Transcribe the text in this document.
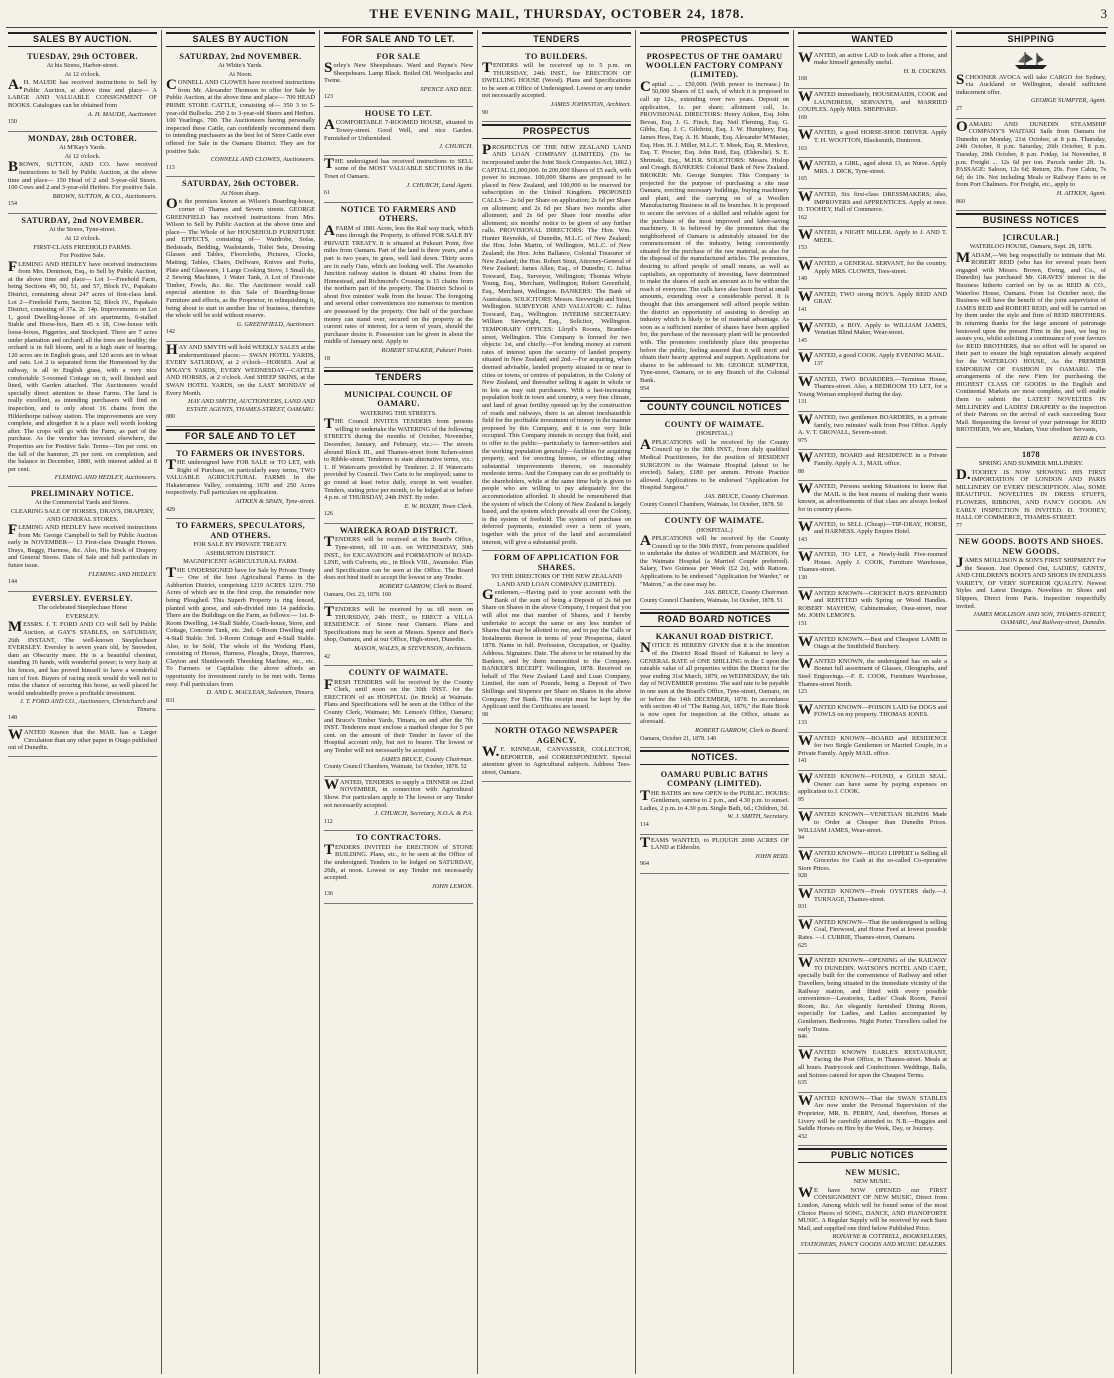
THE EVENING MAIL, THURSDAY, OCTOBER 24, 1878.	3
SALES BY AUCTION.

TUESDAY, 29th OCTOBER.

At his Stores, Harbor-street.

At 12 o'clock.

A.H. MAUDE has received instructions to Sell by Public Auction, at above time and place— A LARGE AND VALUABLE CONSIGNMENT OF BOOKS. Catalogues can be obtained from

A. H. MAUDE, Auctioneer.

150

MONDAY, 28th OCTOBER.

At M'Kay's Yards.

At 12 o'clock.

BROWN, SUTTON, AND CO. have received instructions to Sell by Public Auction, at the above time and place— 150 Head of 2 and 3-year-old Steers. 100 Cows and 2 and 3-year-old Heifers. For positive Sale.

BROWN, SUTTON, & CO., Auctioneers.

154

SATURDAY, 2nd NOVEMBER.

At the Stores, Tyne-street.

At 12 o'clock.

FIRST-CLASS FREEHOLD FARMS.

For Positive Sale.

FLEMING AND HEDLEY have received instructions from Mrs. Dennison, Esq., to Sell by Public Auction, at the above time and place— Lot 1—Freehold Farm, being Sections 49, 50, 51, and 57, Block IV., Papakaio District, containing about 247 acres of first-class land. Lot 2—Freehold Farm, Section 52, Block IV., Papakaio District, consisting of 37a. 2r. 14p. Improvements on Lot 1, good Dwelling-house of six apartments, 6-stalled Stable and Horse-box, Barn 45 x 18, Cow-house with loose-boxes, Piggeries, and Stockyard. There are 7 acres under plantation and orchard; all the trees are healthy; the orchard is in full bloom, and in a high state of bearing. 120 acres are in English grass, and 120 acres are in wheat and oats. Lot 2 is separated from the Homestead by the railway, is all in English grass, with a very nice comfortable 3-roomed Cottage on it, well finished and lined, with Garden attached. The Auctioneers would specially direct attention to these Farms. The land is really excellent, as intending purchasers will find on inspection, and is only about 16 chains from the Hilderthorpe railway station. The improvements are very complete, and altogether it is a place well worth looking after. The crops will go with the Farm, as part of the purchase. As the vendor has invested elsewhere, the Properties are for Positive Sale. Terms—Ten per cent. on the fall of the hammer, 25 per cent. on completion, and the balance in December, 1880, with interest added at 8 per cent.

FLEMING AND HEDLEY, Auctioneers.

PRELIMINARY NOTICE.

At the Commercial Yards and Stores.

CLEARING SALE OF HORSES, DRAYS, DRAPERY, AND GENERAL STORES.

FLEMING AND HEDLEY have received instructions from Mr. George Campbell to Sell by Public Auction early in NOVEMBER— 13 First-class Draught Horses. Drays, Buggy, Harness, &c. Also, His Stock of Drapery and General Stores. Date of Sale and full particulars in future issue.

FLEMING AND HEDLEY.

144

EVERSLEY. EVERSLEY.

The celebrated Steeplechase Horse

EVERSLEY.

MESSRS. J. T. FORD AND CO will Sell by Public Auction, at GAY'S STABLES, on SATURDAY, 26th INSTANT, The well-known Steeplechaser EVERSLEY. Eversley is seven years old, by Snowden, dam an Obscurity mare. He is a beautiful chestnut, standing 16 hands, with wonderful power; is very lusty at his fences, and has proved himself to have a wonderful turn of foot. Buyers of racing stock would do well not to miss the chance of securing this horse, as well placed he would undoubtedly prove a profitable investment.

J. T. FORD AND CO., Auctioneers, Christchurch and Timaru.

148

WANTED Known that the MAIL has a Larger Circulation than any other paper in Otago published out of Dunedin.

SALES BY AUCTION

SATURDAY, 2nd NOVEMBER.

At White's Yards.

At Noon.

CONNELL AND CLOWES have received instructions from Mr. Alexander Thomson to offer for Sale by Public Auction, at the above time and place— 700 HEAD PRIME STORE CATTLE, consisting of— 350 3 to 5-year-old Bullocks. 250 2 to 3-year-old Steers and Heifers. 100 Yearlings. 700. The Auctioneers having personally inspected these Cattle, can confidently recommend them to intending purchasers as the best lot of Store Cattle ever offered for Sale in the Oamaru District. They are for positive Sale.

CONNELL AND CLOWES, Auctioneers.

113

SATURDAY, 26th OCTOBER.

At Noon sharp.

On the premises known as Wilson's Boarding-house, corner of Thames and Severn streets. GEORGE GREENFIELD has received instructions from Mrs. Wilson to Sell by Public Auction at the above time and place— The Whole of her HOUSEHOLD FURNITURE and EFFECTS, consisting of— Wardrobe, Sofas, Bedsteads, Bedding, Washstands, Toilet Sets, Dressing Glasses and Tables, Floorcloths, Pictures, Clocks, Matting, Tables, Chairs, Delfware, Knives and Forks, Plate and Glassware, 1 Large Cooking Stove, 1 Small do, 2 Sewing Machines, 1 Water Tank, A Lot of First-rate Timber, Fowls, &c. &c. The Auctioneer would call especial attention to this Sale of Boarding-house Furniture and effects, as the Proprietor, in relinquishing it, being about to start in another line of business, therefore the whole will be sold without reserve.

G. GREENFIELD, Auctioneer.

142

HAY AND SMYTH will hold WEEKLY SALES at the undermentioned places:— SWAN HOTEL YARDS, EVERY SATURDAY, at 2 o'clock—HORSES. And at M'KAY'S YARDS, EVERY WEDNESDAY—CATTLE AND HORSES, at 2 o'clock. And SHEEP SKINS, at the SWAN HOTEL YARDS, on the LAST MONDAY of Every Month.

HAY AND SMYTH, AUCTIONEERS, LAND AND ESTATE AGENTS, THAMES-STREET, OAMARU.

880

FOR SALE AND TO LET

TO FARMERS OR INVESTORS.

THE undersigned have FOR SALE or TO LET, with Right of Purchase, on particularly easy terms, TWO VALUABLE AGRICULTURAL FARMS In the Hakateramea Valley, containing 1678 and 250 Acres respectively. Full particulars on application.

AITKEN & SPAIN, Tyne-street.

429

TO FARMERS, SPECULATORS, AND OTHERS.

FOR SALE BY PRIVATE TREATY.

ASHBURTON DISTRICT.

MAGNIFICENT AGRICULTURAL FARM.

THE UNDERSIGNED have for Sale by Private Treaty— One of the best Agricultural Farms in the Ashburton District, comprising 1219 ACRES 1219. 750 Acres of which are in the first crop, the remainder now being Ploughed. This Superb Property is ring fenced, planted with gorse, and sub-divided into 14 paddocks. There are the Buildings on the Farm, as follows:— 1st. 8-Room Dwelling, 14-Stall Stable, Coach-house, Store, and Cottage, Concrete Tank, etc. 2nd. 6-Room Dwelling and 4-Stall Stable. 3rd. 3-Room Cottage and 4-Stall Stable. Also, to be Sold, The whole of the Working Plant, consisting of Horses, Harness, Ploughs, Drays, Harrows, Clayton and Shuttleworth Threshing Machine, etc., etc. To Farmers or Capitalists the above affords an opportunity for investment rarely to be met with. Terms easy. Full particulars from

D. AND L. MACLEAN, Salesmen, Timaru.

831

FOR SALE AND TO LET.

FOR SALE

Sorley's New Sheepshears. Ward and Payne's New Sheepshears. Lamp Black. Boiled Oil. Woolpacks and Twine.

SPENCE AND BEE.

123

HOUSE TO LET.

ACOMFORTABLE 7-ROOMED HOUSE, situated in Towey-street. Good Well, and nice Garden. Furnished or Unfurnished.

J. CHURCH.

THE undersigned has received instructions to SELL some of the MOST VALUABLE SECTIONS in the Town of Oamaru.

J. CHURCH, Land Agent.

61

NOTICE TO FARMERS AND OTHERS.

AFARM of 1881 Acres, less the Rail way track, which runs through the Property, is offered FOR SALE BY PRIVATE TREATY. It is situated at Pukeuri Point, five miles from Oamaru. Part of the land is three years, and a part is two years, in grass, well laid down. Thirty acres are in early Oats, which are looking well. The Awamoko Junction railway station is distant 40 chains from the Homestead, and Richmond's Crossing is 15 chains from the northern part of the property. The District School is about five minutes' walk from the house. The foregoing and several other conveniences too numerous to mention are possessed by the property. One half of the purchase money can stand over, secured on the property at the current rates of interest, for a term of years, should the purchaser desire it. Possession can be given in about the middle of January next. Apply to

ROBERT STALKER, Pukeuri Point.

18

TENDERS

MUNICIPAL COUNCIL OF OAMARU.

WATERING THE STREETS.

THE Council INVITES TENDERS from persons willing to undertake the WATERING of the following STREETS during the months of October, November, December, January, and February, viz.:— The streets abound Block III., and Thames-street from Itchen-street to Ribble-street. Tenderers to state alternative terms, viz.: 1. If Watercarts provided by Tenderer. 2. If Watercarts provided by Council. Two Carts to be employed; same to go round at least twice daily, except in wet weather. Tenders, stating price per month, to be lodged at or before 4 p.m. of THURSDAY, 24th INST. By order.

E. W. ROXBY, Town Clerk.

126

WAIREKA ROAD DISTRICT.

TENDERS will be received at the Board's Office, Tyne-street, till 10 a.m. on WEDNESDAY, 30th INST., for EXCAVATION and FORMATION of ROAD-LINE, with Culverts, etc., in Block VIII., Awamoko. Plan and Specification can be seen at the Office. The Board does not bind itself to accept the lowest or any Tender.

ROBERT GARROW, Clerk to Board.

Oamaru, Oct. 23, 1878. 160

TENDERS will be received by us till noon on THURSDAY, 24th INST., to ERECT a VILLA RESIDENCE of Stone near Oamaru. Plans and Specifications may be seen at Messrs. Spence and Bee's shop, Oamaru, and at our Office, High-street, Dunedin.

MASON, WALES, & STEVENSON, Architects.

42

COUNTY OF WAIMATE.

FRESH TENDERS will be received by the County Clerk, until noon on the 30th INST. for the ERECTION of an HOSPITAL (in Brick) at Waimate. Plans and Specifications will be seen at the Office of the County Clerk, Waimate; Mr. Lemon's Office, Oamaru; and Bruce's Timber Yards, Timaru, on and after the 7th INST. Tenderers must enclose a marked cheque for 5 per cent. on the amount of their Tender in favor of the Hospital account only, but not to bearer. The lowest or any Tender will not necessarily be accepted.

JAMES BRUCE, County Chairman.

County Council Chambers, Waimate, 1st October, 1878. 52

WANTED, TENDERS to supply a DINNER on 22nd NOVEMBER, in connection with Agricultural Show. For particulars apply to The lowest or any Tender not necessarily accepted.

J. CHURCH, Secretary, N.O.A. & P.A.

112

TO CONTRACTORS.

TENDERS INVITED for ERECTION of STONE BUILDING. Plans, etc., to be seen at the Office of the undersigned. Tenders to be lodged on SATURDAY, 26th, at noon. Lowest or any Tender not necessarily accepted.

JOHN LEMON.

136

TENDERS

TO BUILDERS.

TENDERS will be received up to 5 p.m. on THURSDAY, 24th INST., for ERECTION OF DWELLING HOUSE (Wood). Plans and Specifications to be seen at Office of Undersigned. Lowest or any tender not necessarily accepted.

JAMES JOHNSTON, Architect.

90

PROSPECTUS

PROSPECTUS OF THE NEW ZEALAND LAND AND LOAN COMPANY (LIMITED). (To be incorporated under the Joint Stock Companies Act, 1862.) CAPITAL £1,000,000. In 200,000 Shares of £5 each, with power to increase. 100,000 Shares are proposed to be placed in New Zealand, and 100,000 to be reserved for subscription in the United Kingdom. PROPOSED CALLS— 2s 6d per Share on application; 2s 6d per Share on allotment; and 2s 6d per Share two months after allotment; and 2s 6d per Share four months after allotment; six months' notice to be given of any further calls. PROVISIONAL DIRECTORS: The Hon. Wm. Hunter Reynolds, of Dunedin, M.L.C. of New Zealand; the Hon. John Martin, of Wellington, M.L.C. of New Zealand; the Hon. John Ballance, Colonial Treasurer of New Zealand; the Hon. Robert Stout, Attorney-General of New Zealand; James Allen, Esq., of Dunedin; C. Julius Toxward, Esq., Surveyor, Wellington; Thomas Whyte Young, Esq., Merchant, Wellington; Robert Greenfield, Esq., Merchant, Wellington. BANKERS: The Bank of Australasia. SOLICITORS: Messrs. Sievwright and Stout, Wellington. SURVEYOR AND VALUATOR: C. Julius Toxward, Esq., Wellington. INTERIM SECRETARY: William Sievwright, Esq., Solicitor, Wellington. TEMPORARY OFFICES: Lloyd's Rooms, Brandon-street, Wellington. This Company is formed for two objects: 1st, and chiefly.—For lending money at current rates of interest upon the security of landed property situated in New Zealand; and 2nd.—For acquiring, when deemed advisable, landed property situated in or near to cities or towns, or centres of population, in the Colony of New Zealand, and thereafter selling it again in whole or in lots as may suit purchasers. With a fast-increasing population both in town and country, a very fine climate, and land of great fertility opened up by the construction of roads and railways, there is an almost inexhaustible field for the profitable investment of money in the manner proposed by this Company, and it is one very little occupied. This Company intends to occupy that field, and to offer to the public—particularly to farmer-settlers and the working population generally—facilities for acquiring property, and for erecting homes, or effecting other substantial improvements thereon, on reasonably moderate terms. And the Company can do so profitably to the shareholders, while at the same time help is given to people who are willing to pay adequately for the accommodation afforded. It should be remembered that the system of which the Colony of New Zealand is largely based, and the system which prevails all over the Colony, is the system of freehold. The system of purchase on deferred payments, extended over a term of years, together with the price of the land and accumulated interest, will give a substantial profit.

FORM OF APPLICATION FOR SHARES.

TO THE DIRECTORS OF THE NEW ZEALAND LAND AND LOAN COMPANY (LIMITED).

Gentlemen,—Having paid to your account with the Bank of the sum of being a Deposit of 2s 6d per Share on Shares in the above Company, I request that you will allot me that number of Shares, and I hereby undertake to accept the same or any less number of Shares that may be allotted to me, and to pay the Calls or Instalments thereon in terms of your Prospectus, dated 1878. Name in full. Profession, Occupation, or Quality. Address. Signature. Date. The above to be retained by the Bankers, and by them transmitted to the Company. BANKER'S RECEIPT. Wellington, 1878. Received on behalf of The New Zealand Land and Loan Company, Limited, the sum of Pounds, being a Deposit of Two Shillings and Sixpence per Share on Shares in the above Company. For Bank. This receipt must be kept by the Applicant until the Certificates are issued.

98

NORTH OTAGO NEWSPAPER AGENCY.

W.F. KINNEAR, CANVASSER, COLLECTOR, REPORTER, and CORRESPONDENT. Special attention given to Agricultural subjects. Address Tees-street, Oamaru.

PROSPECTUS

PROSPECTUS OF THE OAMARU WOOLLEN FACTORY COMPANY (LIMITED).

Capital ... ... £50,000. (With power to increase.) In 50,000 Shares of £1 each, of which it is proposed to call up 12s., extending over two years. Deposit on application, 1s. per share; allotment call, 1s. PROVISIONAL DIRECTORS: Henry Aitken, Esq. John Bevan, Esq. J. G. Finch, Esq. Neil Fleming, Esq. G. Gibbs, Esq. J. C. Gilchrist, Esq. J. W. Humphrey, Esq. James Hess, Esq. A. H. Maude, Esq. Alexander M'Master, Esq. Hon. H. J. Miller, M.L.C. T. Meek, Esq. R. Menlove, Esq. T. Procter, Esq. John Reid, Esq. (Elderslie). S. E. Shrimski, Esq., M.H.R. SOLICITORS: Messrs. Hislop and Creagh. BANKERS: Colonial Bank of New Zealand. BROKER: Mr. George Sumpter. This Company is projected for the purpose of purchasing a site near Oamaru, erecting necessary buildings, buying machinery and plant, and the carrying on of a Woollen Manufacturing Business in all its branches. It is proposed to secure the services of a skilled and reliable agent for the purchase of the most improved and labor-saving machinery. It is believed by the promoters that the neighborhood of Oamaru is admirably situated for the commencement of the industry, being conveniently situated for the purchase of the raw material, as also for the disposal of the manufactured articles. The promoters, desiring to afford people of small means, as well as capitalists, an opportunity of investing, have determined to make the shares of such an amount as to be within the reach of everyone. The calls have also been fixed at small amounts, extending over a considerable period. It is thought that this arrangement will afford people within the district an opportunity of assisting to develop an industry which is likely to be of material advantage. As soon as a sufficient number of shares have been applied for, the purchase of the necessary plant will be proceeded with. The promoters confidently place this prospectus before the public, feeling assured that it will merit and obtain their hearty approval and support. Applications for shares to be addressed to Mr. GEORGE SUMPTER, Tyne-street, Oamaru, or to any Branch of the Colonial Bank.

954

COUNTY COUNCIL NOTICES

COUNTY OF WAIMATE.

(HOSPITAL.)

APPLICATIONS will be received by the County Council up to the 30th INST., from duly qualified Medical Practitioners, for the position of RESIDENT SURGEON to the Waimate Hospital (about to be erected). Salary, £180 per annum. Private Practice allowed. Applications to be endorsed "Application for Hospital Surgeon."

JAS. BRUCE, County Chairman.

County Council Chambers, Waimate, 1st October, 1878. 50

COUNTY OF WAIMATE.

(HOSPITAL.)

APPLICATIONS will be received by the County Council up to the 30th INST., from persons qualified to undertake the duties of WARDER and MATRON, for the Waimate Hospital (a Married Couple preferred). Salary, Two Guineas per Week (£2 2s), with Rations. Applications to be endorsed "Application for Warder," or "Matron," as the case may be.

JAS. BRUCE, County Chairman.

County Council Chambers, Waimate, 1st October, 1878. 51

ROAD BOARD NOTICES

KAKANUI ROAD DISTRICT.

NOTICE IS HEREBY GIVEN that it is the intention of the District Road Board of Kakanui to levy a GENERAL RATE of ONE SHILLING in the £ upon the rateable value of all properties within the District for the year ending 31st March, 1879, on WEDNESDAY, the 6th day of NOVEMBER proximo. The said rate to be payable in one sum at the Board's Office, Tyne-street, Oamaru, on or before the 14th DECEMBER, 1878. In accordance with section 40 of "The Rating Act, 1876," the Rate Book is now open for inspection at the Office, situate as aforesaid.

ROBERT GARROW, Clerk to Board.

Oamaru, October 21, 1878. 140

NOTICES.

OAMARU PUBLIC BATHS COMPANY (LIMITED).

THE BATHS are now OPEN to the PUBLIC. HOURS: Gentlemen, sunrise to 2 p.m., and 4.30 p.m. to sunset. Ladies, 2 p.m. to 4.30 p.m. Single Bath, 6d.; Children, 3d.

W. J. SMITH, Secretary.

114

TEAMS WANTED, to PLOUGH 2000 ACRES OF LAND at Elderslie.

JOHN REID.

964

WANTED

WANTED, an active LAD to look after a Horse, and make himself generally useful.

H. B. COCKINS.

168

WANTED immediately, HOUSEMAIDS, COOK and LAUNDRESS, SERVANTS, and MARRIED COUPLES. Apply MRS. SHEPPARD.

169

WANTED, a good HORSE-SHOE DRIVER. Apply T. H. WOOTTON, Blacksmith, Duntroon.

163

WANTED, a GIRL, aged about 13, as Nurse. Apply MRS. J. DICK, Tyne-street.

165

WANTED, Six first-class DRESSMAKERS; also, IMPROVERS and APPRENTICES. Apply at once. D. TOOHEY, Hall of Commerce.

162

WANTED, a NIGHT MILLER. Apply to J. AND T. MEEK.

153

WANTED, a GENERAL SERVANT, for the country. Apply MRS. CLOWES, Tees-street.

149

WANTED, TWO strong BOYS. Apply REID AND GRAY.

141

WANTED, a BOY. Apply to WILLIAM JAMES, Venetian Blind Maker, Wear-street.

145

WANTED, a good COOK. Apply EVENING MAIL.

137

WANTED, TWO BOARDERS.—Terminus House, Thames-street. Also, a BEDROOM TO LET, for a Young Woman employed during the day.

131

WANTED, two gentlemen BOARDERS, in a private family, two minutes' walk from Post Office. Apply A. V. T. GROVALL, Severn-street.

975

WANTED, BOARD and RESIDENCE in a Private Family. Apply A. J., MAIL office.

88

WANTED, Persons seeking Situations to know that the MAIL is the best means of making their wants known, as advertisements of that class are always looked for in country places.

WANTED, to SELL (Cheap)—TIP-DRAY, HORSE, and HARNESS. Apply Empire Hotel.

143

WANTED, TO LET, a Newly-built Five-roomed House. Apply J. COOK, Furniture Warehouse, Thames-street.

130

WANTED KNOWN—CRICKET BATS REPAIRED and REFITTED with Spring or Wood Handles. ROBERT MAYHEW, Cabinetmaker, Ouse-street, near Mr. JOHN LEMON'S.

151

WANTED KNOWN.—Best and Cheapest LAMB in Otago at the Smithfield Butchery.

WANTED KNOWN, the undersigned has on sale a Bonnet full assortment of Glasses, Oleographs, and Steel Engravings.—F. E. COOK, Furniture Warehouse, Thames-street North.

123

WANTED KNOWN—POISON LAID for DOGS and FOWLS on my property. THOMAS JONES.

133

WANTED KNOWN—BOARD and RESIDENCE for two Single Gentlemen or Married Couple, in a Private Family. Apply MAIL office.

141

WANTED KNOWN—FOUND, a GOLD SEAL. Owner can have same by paying expenses on application to J. COOK.

95

WANTED KNOWN—VENETIAN BLINDS Made to Order at Cheaper than Dunedin Prices. WILLIAM JAMES, Wear-street.

94

WANTED KNOWN—HUGO LIPPERT is Selling all Groceries for Cash at the so-called Co-operative Store Prices.

928

WANTED KNOWN—Fresh OYSTERS daily.—J. TURNAGE, Thames-street.

931

WANTED KNOWN—That the undersigned is selling Coal, Firewood, and Horse Feed at lowest possible Rates. —J. CURRIE, Thames-street, Oamaru.

625

WANTED KNOWN—OPENING of the RAILWAY TO DUNEDIN. WATSON'S HOTEL AND CAFE, specially built for the convenience of Railway and other Travellers, being situated in the immediate vicinity of the Railway station, and fitted with every possible convenience—Lavatories, Ladies' Cloak Room, Parcel Room, &c. An elegantly furnished Dining Room, especially for Ladies, and Ladies accompanied by Gentlemen. Bedrooms. Night Porter. Travellers called for early Trains.

846

WANTED KNOWN EARLE'S RESTAURANT, Facing the Post Office, in Thames-street. Meals at all hours. Pastrycook and Confectioner. Weddings, Balls, and Soirees catered for upon the Cheapest Terms.

635

WANTED KNOWN—That the SWAN STABLES Are now under the Personal Supervision of the Proprietor, MR. B. PERRY, And, therefore, Horses at Livery will be carefully attended to. N.B.—Buggies and Saddle Horses on Hire by the Week, Day, or Journey.

432

PUBLIC NOTICES

NEW MUSIC.

NEW MUSIC.

WE have NOW OPENED our FIRST CONSIGNMENT OF NEW MUSIC, Direct from London, Among which will be found some of the most Choice Pieces of SONG, DANCE, AND PIANOFORTE MUSIC. A Regular Supply will be received by each Suez Mail, and supplied one third below Published Price.

RONAYNE & COTTRELL, BOOKSELLERS, STATIONERS, FANCY GOODS AND MUSIC DEALERS.

SHIPPING

SCHOONER AVOCA will take CARGO for Sydney, via Auckland or Wellington, should sufficient inducement offer.

GEORGE SUMPTER, Agent.

27

OAMARU AND DUNEDIN STEAMSHIP COMPANY'S WAITAKI Sails from Oamaru for Dunedin on Monday, 21st October, at 8 p.m. Thursday, 24th October, 8 p.m. Saturday, 26th October, 8 p.m. Tuesday, 29th October, 8 p.m. Friday, 1st November, 8 p.m. Freight ... 12s 6d per ton. Parcels under 2ft. 1s. PASSAGE: Saloon, 12s 6d; Return, 20s. Fore Cabin, 7s 6d; do 10s. Not including Meals or Railway Fares to or from Port Chalmers. For Freight, etc., apply to

H. AITKEN, Agent.

860

BUSINESS NOTICES

[CIRCULAR.]

WATERLOO HOUSE, Oamaru, Sept. 28, 1878.

MADAM,—We beg respectfully to intimate that Mr. ROBERT REID (who has for several years been engaged with Messrs. Brown, Ewing, and Co., of Dunedin) has purchased Mr. GRAVES' interest in the Business hitherto carried on by us as REID & CO., Waterloo House, Oamaru. From 1st October next, the Business will have the benefit of the joint supervision of JAMES REID and ROBERT REID, and will be carried on by them under the style and firm of REID BROTHERS. In returning thanks for the large amount of patronage bestowed upon the present Firm in the past, we beg to assure you, whilst soliciting a continuance of your favours for REID BROTHERS, that no effort will be spared on their part to ensure the high reputation already acquired for the WATERLOO HOUSE, As the PREMIER EMPORIUM OF FASHION IN OAMARU. The arrangements of the new Firm for purchasing the HIGHEST CLASS OF GOODS in the English and Continental Markets are most complete, and will enable them to submit the LATEST NOVELTIES IN MILLINERY and LADIES' DRAPERY to the inspection of their Patrons on the arrival of each succeeding Suez Mail. Requesting the favour of your patronage for REID BROTHERS, We are, Madam, Your obedient Servants,

REID & CO.

1878

SPRING AND SUMMER MILLINERY.

D.TOOHEY IS NOW SHOWING HIS FIRST IMPORTATION OF LONDON AND PARIS MILLINERY OF EVERY DESCRIPTION. Also, SOME BEAUTIFUL NOVELTIES IN DRESS STUFFS, FLOWERS, RIBBONS, AND FANCY GOODS. AN EARLY INSPECTION IS INVITED. D. TOOHEY, HALL OF COMMERCE, THAMES-STREET.

77

NEW GOODS. BOOTS AND SHOES. NEW GOODS.

JAMES MOLLISON & SON'S FIRST SHIPMENT For the Season. Just Opened Out, LADIES', GENTS', AND CHILDREN'S BOOTS AND SHOES IN ENDLESS VARIETY, OF VERY SUPERIOR QUALITY. Newest Styles and Latest Designs. Novelties in Shoes and Slippers, Direct from Paris. Inspection respectfully invited.

JAMES MOLLISON AND SON, THAMES-STREET, OAMARU, And Railway-street, Dunedin.
